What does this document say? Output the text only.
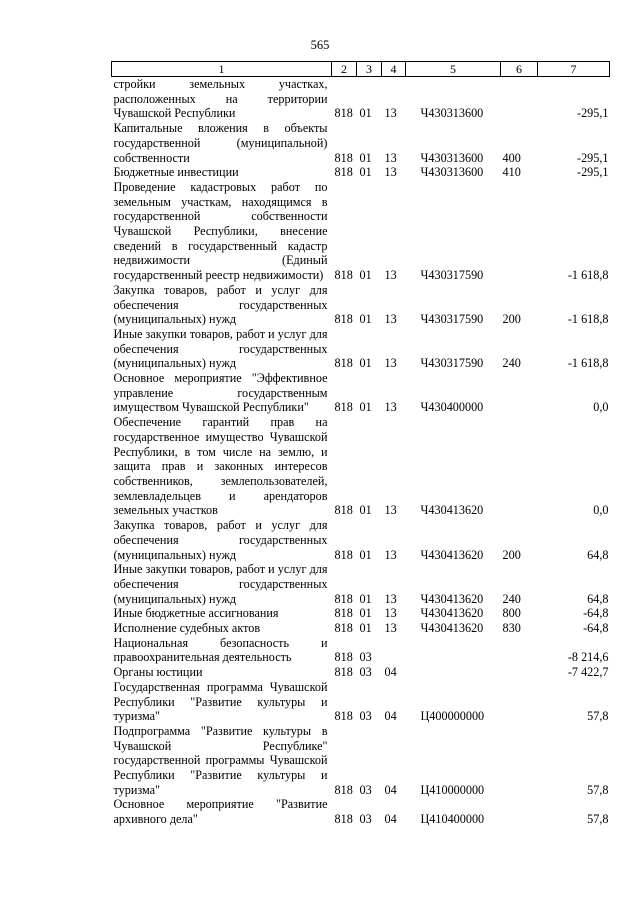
565
1	2	3	4	5	6	7
стройки земельных участках, расположенных на территории Чувашской Республики	818	01	13	Ч430313600		-295,1
Капитальные вложения в объекты государственной (муниципальной) собственности	818	01	13	Ч430313600	400	-295,1
Бюджетные инвестиции	818	01	13	Ч430313600	410	-295,1
Проведение кадастровых работ по земельным участкам, находящимся в государственной собственности Чувашской Республики, внесение сведений в государственный кадастр недвижимости (Единый государственный реестр недвижимости)	818	01	13	Ч430317590		-1 618,8
Закупка товаров, работ и услуг для обеспечения государственных (муниципальных) нужд	818	01	13	Ч430317590	200	-1 618,8
Иные закупки товаров, работ и услуг для обеспечения государственных (муниципальных) нужд	818	01	13	Ч430317590	240	-1 618,8
Основное мероприятие "Эффективное управление государственным имуществом Чувашской Республики"	818	01	13	Ч430400000		0,0
Обеспечение гарантий прав на государственное имущество Чувашской Республики, в том числе на землю, и защита прав и законных интересов собственников, землепользователей, землевладельцев и арендаторов земельных участков	818	01	13	Ч430413620		0,0
Закупка товаров, работ и услуг для обеспечения государственных (муниципальных) нужд	818	01	13	Ч430413620	200	64,8
Иные закупки товаров, работ и услуг для обеспечения государственных (муниципальных) нужд	818	01	13	Ч430413620	240	64,8
Иные бюджетные ассигнования	818	01	13	Ч430413620	800	-64,8
Исполнение судебных актов	818	01	13	Ч430413620	830	-64,8
Национальная безопасность и правоохранительная деятельность	818	03				-8 214,6
Органы юстиции	818	03	04			-7 422,7
Государственная программа Чувашской Республики "Развитие культуры и туризма"	818	03	04	Ц400000000		57,8
Подпрограмма "Развитие культуры в Чувашской Республике" государственной программы Чувашской Республики "Развитие культуры и туризма"	818	03	04	Ц410000000		57,8
Основное мероприятие "Развитие архивного дела"	818	03	04	Ц410400000		57,8
